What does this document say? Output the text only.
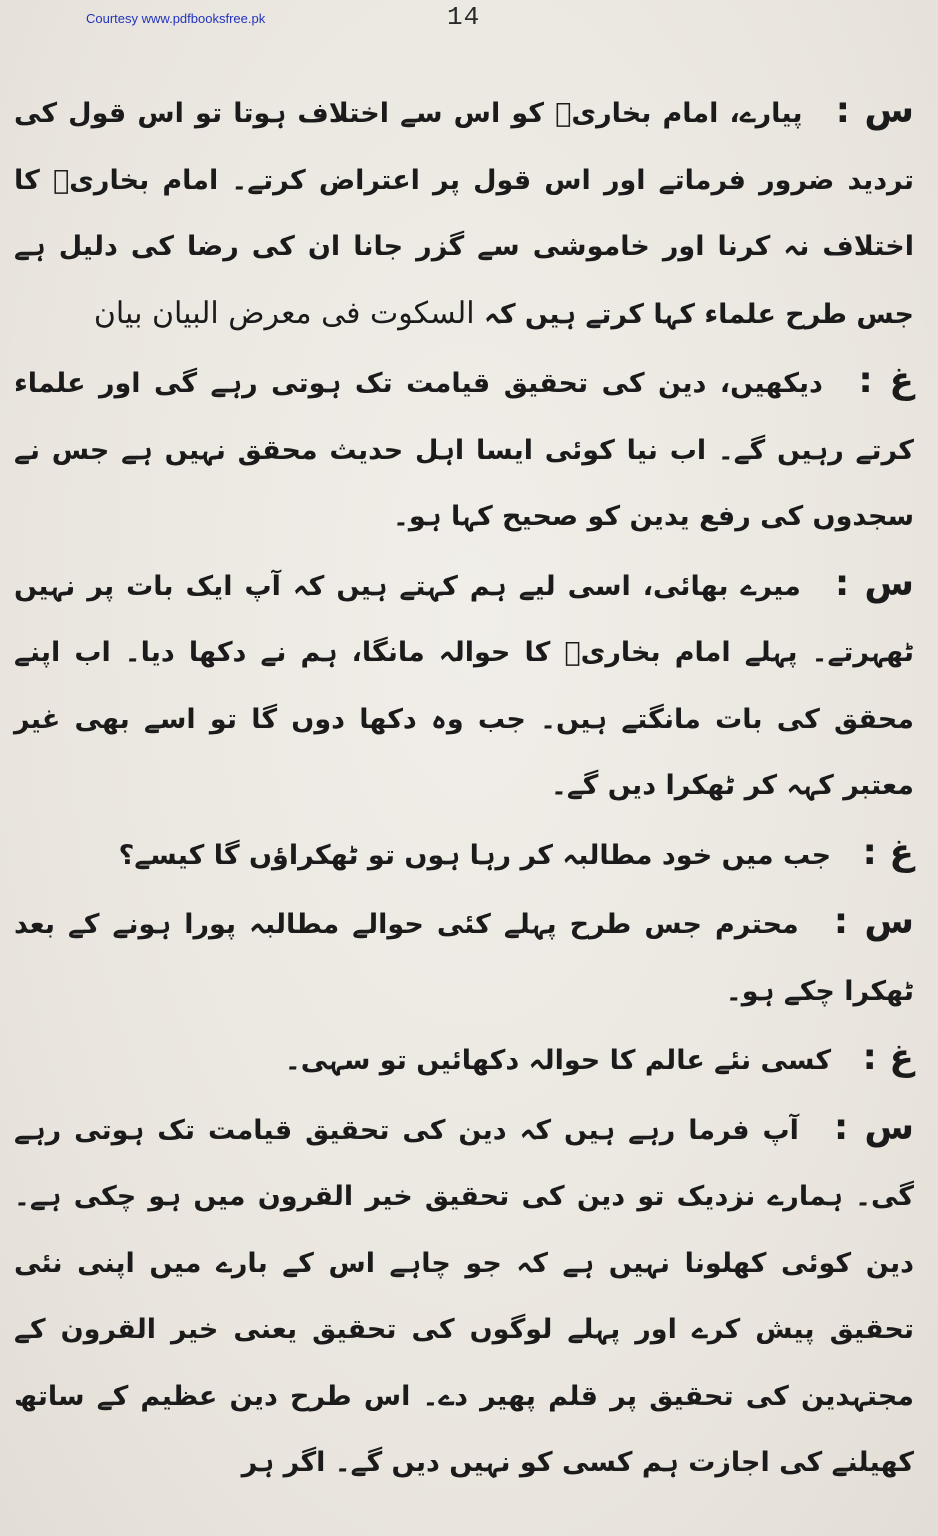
Courtesy www.pdfbooksfree.pk	14

س : پیارے، امام بخاریؒ کو اس سے اختلاف ہوتا تو اس قول کی تردید ضرور فرماتے اور اس قول پر اعتراض کرتے۔ امام بخاریؒ کا اختلاف نہ کرنا اور خاموشی سے گزر جانا ان کی رضا کی دلیل ہے جس طرح علماء کہا کرتے ہیں کہ السکوت فی معرض البیان بیان

غ : دیکھیں، دین کی تحقیق قیامت تک ہوتی رہے گی اور علماء کرتے رہیں گے۔ اب نیا کوئی ایسا اہل حدیث محقق نہیں ہے جس نے سجدوں کی رفع یدین کو صحیح کہا ہو۔

س : میرے بھائی، اسی لیے ہم کہتے ہیں کہ آپ ایک بات پر نہیں ٹھہرتے۔ پہلے امام بخاریؒ کا حوالہ مانگا، ہم نے دکھا دیا۔ اب اپنے محقق کی بات مانگتے ہیں۔ جب وہ دکھا دوں گا تو اسے بھی غیر معتبر کہہ کر ٹھکرا دیں گے۔

غ : جب میں خود مطالبہ کر رہا ہوں تو ٹھکراؤں گا کیسے؟

س : محترم جس طرح پہلے کئی حوالے مطالبہ پورا ہونے کے بعد ٹھکرا چکے ہو۔

غ : کسی نئے عالم کا حوالہ دکھائیں تو سہی۔

س : آپ فرما رہے ہیں کہ دین کی تحقیق قیامت تک ہوتی رہے گی۔ ہمارے نزدیک تو دین کی تحقیق خیر القرون میں ہو چکی ہے۔ دین کوئی کھلونا نہیں ہے کہ جو چاہے اس کے بارے میں اپنی نئی تحقیق پیش کرے اور پہلے لوگوں کی تحقیق یعنی خیر القرون کے مجتہدین کی تحقیق پر قلم پھیر دے۔ اس طرح دین عظیم کے ساتھ کھیلنے کی اجازت ہم کسی کو نہیں دیں گے۔ اگر ہر
